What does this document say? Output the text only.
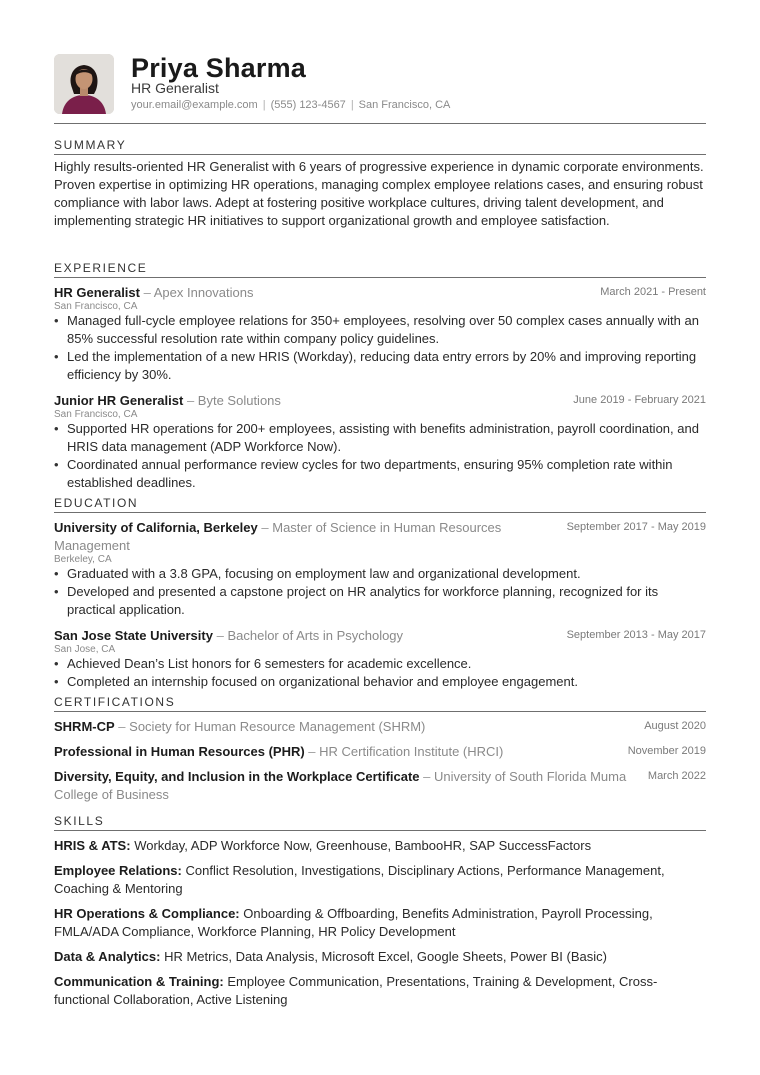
Priya Sharma
HR Generalist
your.email@example.com | (555) 123-4567 | San Francisco, CA
SUMMARY
Highly results-oriented HR Generalist with 6 years of progressive experience in dynamic corporate environments. Proven expertise in optimizing HR operations, managing complex employee relations cases, and ensuring robust compliance with labor laws. Adept at fostering positive workplace cultures, driving talent development, and implementing strategic HR initiatives to support organizational growth and employee satisfaction.
EXPERIENCE
HR Generalist – Apex Innovations	March 2021 - Present
San Francisco, CA
• Managed full-cycle employee relations for 350+ employees, resolving over 50 complex cases annually with an 85% successful resolution rate within company policy guidelines.
• Led the implementation of a new HRIS (Workday), reducing data entry errors by 20% and improving reporting efficiency by 30%.
Junior HR Generalist – Byte Solutions	June 2019 - February 2021
San Francisco, CA
• Supported HR operations for 200+ employees, assisting with benefits administration, payroll coordination, and HRIS data management (ADP Workforce Now).
• Coordinated annual performance review cycles for two departments, ensuring 95% completion rate within established deadlines.
EDUCATION
University of California, Berkeley – Master of Science in Human Resources Management
September 2017 - May 2019
Berkeley, CA
• Graduated with a 3.8 GPA, focusing on employment law and organizational development.
• Developed and presented a capstone project on HR analytics for workforce planning, recognized for its practical application.
San Jose State University – Bachelor of Arts in Psychology	September 2013 - May 2017
San Jose, CA
• Achieved Dean’s List honors for 6 semesters for academic excellence.
• Completed an internship focused on organizational behavior and employee engagement.
CERTIFICATIONS
SHRM-CP – Society for Human Resource Management (SHRM)	August 2020
Professional in Human Resources (PHR) – HR Certification Institute (HRCI)	November 2019
Diversity, Equity, and Inclusion in the Workplace Certificate – University of South Florida Muma College of Business
March 2022
SKILLS
HRIS & ATS: Workday, ADP Workforce Now, Greenhouse, BambooHR, SAP SuccessFactors
Employee Relations: Conflict Resolution, Investigations, Disciplinary Actions, Performance Management, Coaching & Mentoring
HR Operations & Compliance: Onboarding & Offboarding, Benefits Administration, Payroll Processing, FMLA/ADA Compliance, Workforce Planning, HR Policy Development
Data & Analytics: HR Metrics, Data Analysis, Microsoft Excel, Google Sheets, Power BI (Basic)
Communication & Training: Employee Communication, Presentations, Training & Development, Cross-functional Collaboration, Active Listening
